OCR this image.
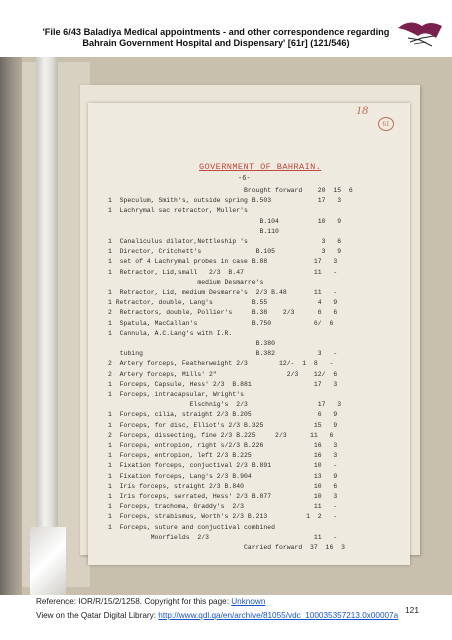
'File 6/43 Baladiya Medical appointments - and other correspondence regarding
Bahrain Government Hospital and Dispensary' [61r] (121/546)
18
61
GOVERNMENT OF BAHRAIN.
-6-
Brought forward    20  15  6
1  Speculum, Smith's, outside spring B.503            17   3
1  Lachrymal sac retractor, Muller's
B.104          10   9
B.110
1  Canaliculus dilator,Nettleship 's                   3   6
1  Director, Critchett's              B.105            3   9
1  set of 4 Lachrymal probes in case B.88            17   3
1  Retractor, Lid,small   2/3  B.47                  11   -
medium Desmarre's
1  Retractor, Lid, medium Desmarre's  2/3 B.48       11   -
1 Retractor, double, Lang's          B.55             4   9
2  Retractors, double, Pollier's     B.38    2/3      6   6
1  Spatula, MacCallan's              B.750           6/  6
1  Cannula, A.C.Lang's with I.R.
B.380
tubing                             B.382           3   -
2  Artery forceps, Featherweight 2/3        12/-  1  8   -
2  Artery forceps, Mills' 2"                  2/3    12/  6
1  Forceps, Capsule, Hess' 2/3  B.881                17   3
1  Forceps, intracapsular, Wright's
Elschnig's  2/3                  17   3
1  Forceps, cilia, straight 2/3 B.205                 6   9
1  Forceps, for disc, Elliot's 2/3 B.325             15   9
2  Forceps, dissecting, fine 2/3 B.225     2/3      11   6
1  Forceps, entropion, right s/2/3 B.226             16   3
1  Forceps, entropion, left 2/3 B.225                16   3
1  Fixation forceps, conjuctival 2/3 B.891           10   -
1  Fixation forceps, Lang's 2/3 B.904                13   9
1  Iris forceps, straight 2/3 B.840                  10   6
1  Iris forceps, serrated, Hess' 2/3 B.877           10   3
1  Forceps, trachoma, Graddy's  2/3                  11   -
1  Forceps, strabismus, Worth's 2/3 B.213          1  2   -
1  Forceps, suture and conjuctival combined
Moorfields  2/3                           11   -
Carried forward  37  16  3
Reference: IOR/R/15/2/1258. Copyright for this page: Unknown
View on the Qatar Digital Library: http://www.qdl.qa/en/archive/81055/vdc_100035357213.0x00007a
121
